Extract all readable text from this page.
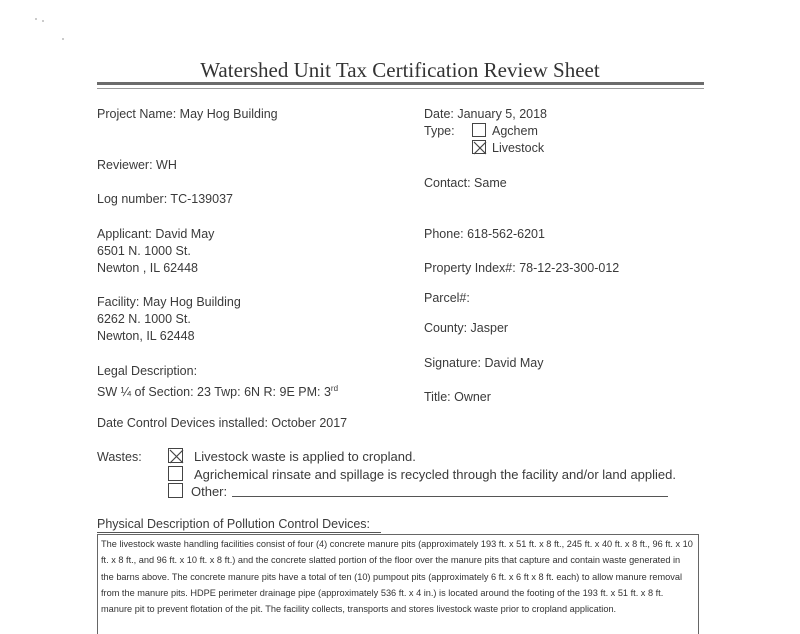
Watershed Unit Tax Certification Review Sheet
Project Name: May Hog Building
Reviewer: WH
Log number: TC-139037
Applicant: David May
6501 N. 1000 St.
Newton , IL 62448
Facility: May Hog Building
6262 N. 1000 St.
Newton, IL 62448
Legal Description:
SW ¼ of Section: 23 Twp: 6N R: 9E PM: 3rd
Date Control Devices installed: October 2017
Date: January 5, 2018
Type:	Agchem
Livestock
Contact: Same
Phone: 618-562-6201
Property Index#: 78-12-23-300-012
Parcel#:
County: Jasper
Signature: David May
Title: Owner
Wastes:	Livestock waste is applied to cropland.
Agrichemical rinsate and spillage is recycled through the facility and/or land applied.
Other:
Physical Description of Pollution Control Devices:
The livestock waste handling facilities consist of four (4) concrete manure pits (approximately 193 ft. x 51 ft. x 8 ft., 245 ft. x 40 ft. x 8 ft., 96 ft. x 10 ft. x 8 ft., and 96 ft. x 10 ft. x 8 ft.) and the concrete slatted portion of the floor over the manure pits that capture and contain waste generated in the barns above. The concrete manure pits have a total of ten (10) pumpout pits (approximately 6 ft. x 6 ft x 8 ft. each) to allow manure removal from the manure pits. HDPE perimeter drainage pipe (approximately 536 ft. x 4 in.) is located around the footing of the 193 ft. x 51 ft. x 8 ft. manure pit to prevent flotation of the pit. The facility collects, transports and stores livestock waste prior to cropland application.
